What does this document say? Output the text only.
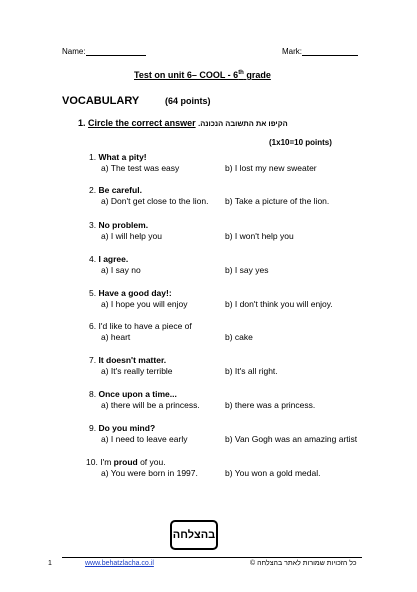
Name:	Mark:
Test on unit 6– COOL - 6th grade
VOCABULARY	(64 points)
1. Circle the correct answer הקיפו את התשובה הנכונה.
(1x10=10 points)
1. What a pity!
a) The test was easy	b) I lost my new sweater
2. Be careful.
a) Don't get close to the lion. b) Take a picture of the lion.
3. No problem.
a) I will help you	b) I won't help you
4. I agree.
a) I say no	b) I say yes
5. Have a good day!:
a) I hope you will enjoy	b) I don't think you will enjoy.
6. I'd like to have a piece of
a) heart	b) cake
7. It doesn't matter.
a) It's really terrible	b) It's all right.
8. Once upon a time...
a) there will be a princess.	b) there was a princess.
9. Do you mind?
a) I need to leave early	b) Van Gogh was an amazing artist
10. I'm proud of you.
a) You were born in 1997.	b) You won a gold medal.
בהצלחה
1	www.behatzlacha.co.il	כל הזכויות שמורות לאתר בהצלחה ©
